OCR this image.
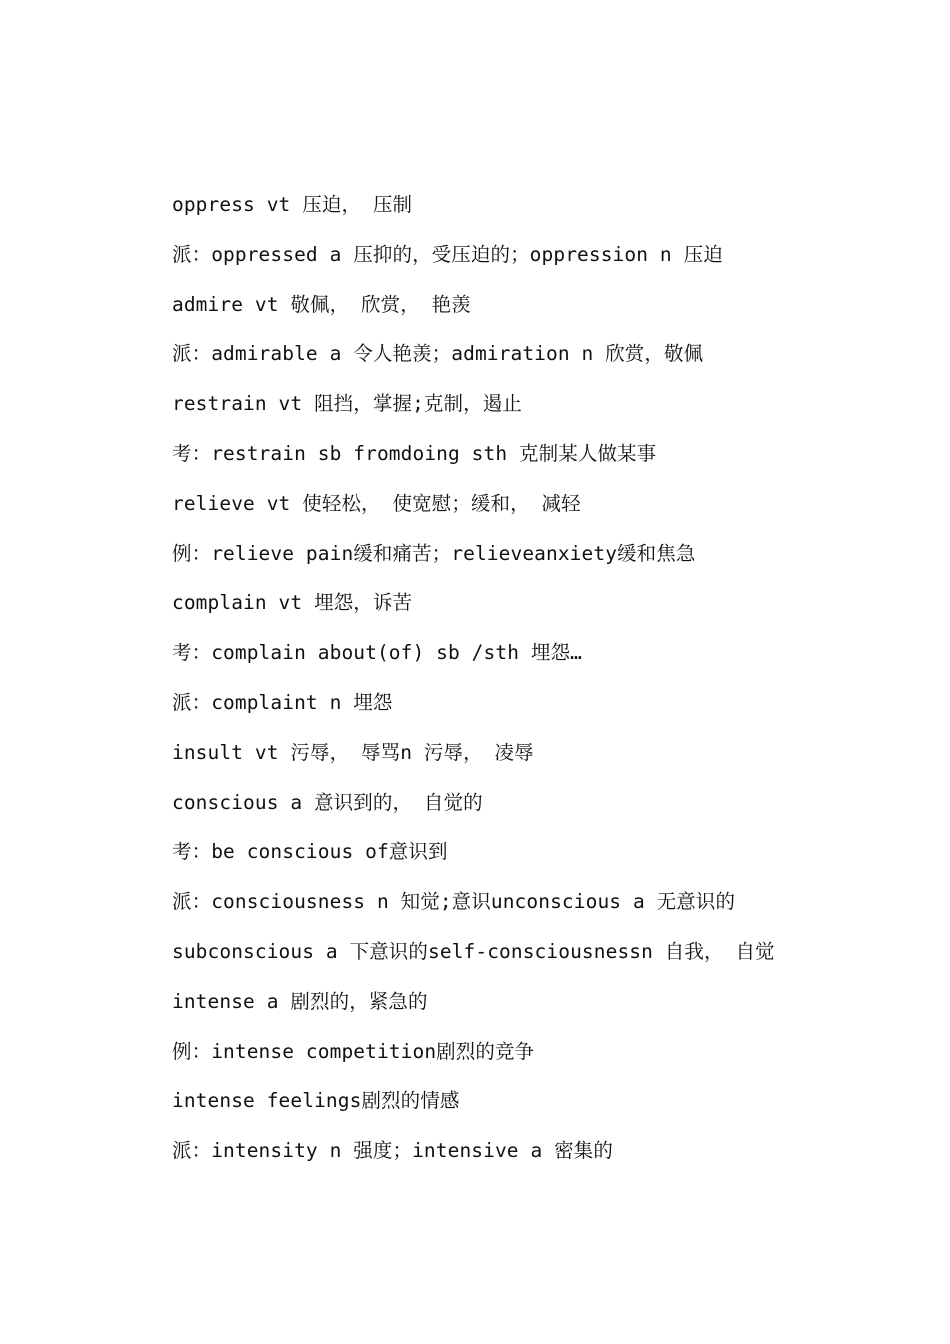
oppress vt 压迫， 压制
派：oppressed a 压抑的，受压迫的；oppression n 压迫
admire vt 敬佩， 欣赏， 艳羡
派：admirable a 令人艳羡；admiration n 欣赏，敬佩
restrain vt 阻挡，掌握;克制，遏止
考：restrain sb fromdoing sth 克制某人做某事
relieve vt 使轻松， 使宽慰；缓和， 减轻
例：relieve pain缓和痛苦；relieveanxiety缓和焦急
complain vt 埋怨，诉苦
考：complain about(of) sb /sth 埋怨…
派：complaint n 埋怨
insult vt 污辱， 辱骂n 污辱， 凌辱
conscious a 意识到的， 自觉的
考：be conscious of意识到
派：consciousness n 知觉;意识unconscious a 无意识的
subconscious a 下意识的self-consciousnessn 自我， 自觉
intense a 剧烈的，紧急的
例：intense competition剧烈的竞争
intense feelings剧烈的情感
派：intensity n 强度；intensive a 密集的
